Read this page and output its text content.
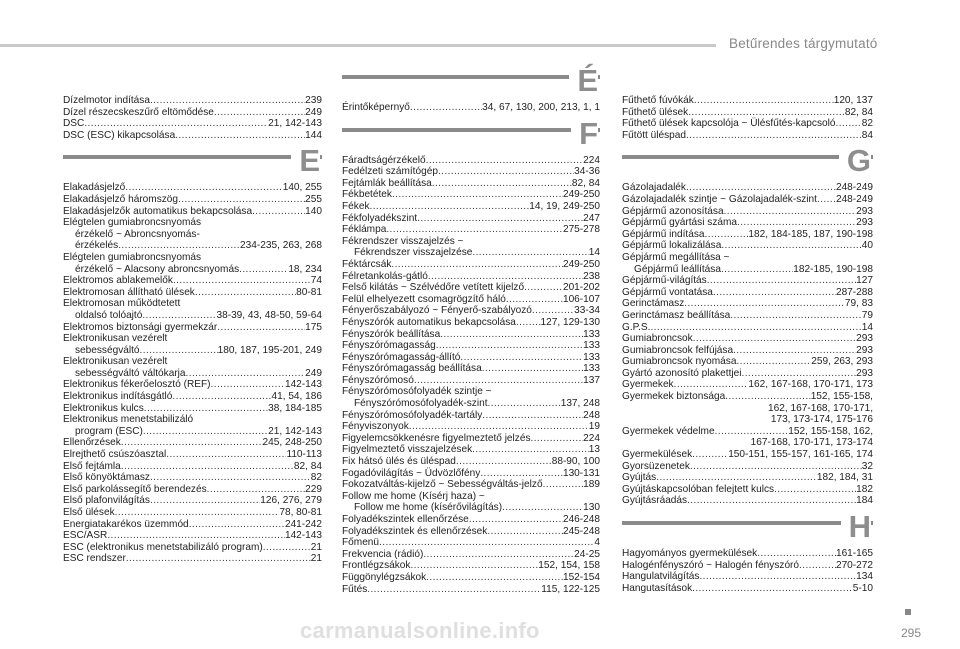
Betűrendes tárgymutató
Dízelmotor indítása .....	239
Dízel részecskeszűrő eltömődése .....	249
DSC .....	21, 142-143
DSC (ESC) kikapcsolása .....	144
E
Elakadásjelző .....	140, 255
Elakadásjelző háromszög .....	255
Elakadásjelzők automatikus bekapcsolása .....	140
Elégtelen gumiabroncsnyomás
érzékelő ~ Abroncsnyomás-
érzékelés .....	234-235, 263, 268
Elégtelen gumiabroncsnyomás
érzékelő ~ Alacsony abroncsnyomás .....	18, 234
Elektromos ablakemelők .....	74
Elektromosan állítható ülések .....	80-81
Elektromosan működtetett
oldalsó tolóajtó .....	38-39, 43, 48-50, 59-64
Elektromos biztonsági gyermekzár .....	175
Elektronikusan vezérelt
sebességváltó .....	180, 187, 195-201, 249
Elektronikusan vezérelt
sebességváltó váltókarja .....	249
Elektronikus fékerőelosztó (REF) .....	142-143
Elektronikus indításgátló .....	41, 54, 186
Elektronikus kulcs .....	38, 184-185
Elektronikus menetstabilizáló
program (ESC) .....	21, 142-143
Ellenőrzések .....	245, 248-250
Elrejthető csúszóasztal .....	110-113
Első fejtámla .....	82, 84
Első könyöktámasz .....	82
Első parkolássegítő berendezés .....	229
Első plafonvilágítás .....	126, 276, 279
Első ülések .....	78, 80-81
Energiatakarékos üzemmód .....	241-242
ESC/ASR .....	142-143
ESC (elektronikus menetstabilizáló program) .....	21
ESC rendszer .....	21
É
Érintőképernyő .....	34, 67, 130, 200, 213, 1, 1
F
Fáradtságérzékelő .....	224
Fedélzeti számítógép .....	34-36
Fejtámlák beállítása .....	82, 84
Fékbetétek .....	249-250
Fékek .....	14, 19, 249-250
Fékfolyadékszint .....	247
Féklámpa .....	275-278
Fékrendszer visszajelzés ~
Fékrendszer visszajelzése .....	14
Féktárcsák .....	249-250
Félretankolás-gátló .....	238
Felső kilátás ~ Szélvédőre vetített kijelző .....	201-202
Felül elhelyezett csomagrögzítő háló .....	106-107
Fényerőszabályozó ~ Fényerő-szabályozó .....	33-34
Fényszórók automatikus bekapcsolása ..... 127, 129-130
Fényszórók beállítása .....	133
Fényszórómagasság .....	133
Fényszórómagasság-állító .....	133
Fényszórómagasság beállítása .....	133
Fényszórómosó .....	137
Fényszórómosófolyadék szintje ~
Fényszórómosófolyadék-szint .....	137, 248
Fényszórómosófolyadék-tartály .....	248
Fényviszonyok .....	19
Figyelemcsökkenésre figyelmeztető jelzés .....	224
Figyelmeztető visszajelzések .....	13
Fix hátsó ülés és üléspad .....	88-90, 100
Fogadóvilágítás ~ Üdvözlőfény .....	130-131
Fokozatváltás-kijelző ~ Sebességváltás-jelző .....	189
Follow me home (Kísérj haza) ~
Follow me home (kísérővilágítás) .....	130
Folyadékszintek ellenőrzése .....	246-248
Folyadékszintek és ellenőrzések .....	245-248
Főmenü .....	4
Frekvencia (rádió) .....	24-25
Frontlégzsákok .....	152, 154, 158
Függönylégzsákok .....	152-154
Fűtés .....	115, 122-125
Fűthető fúvókák .....	120, 137
Fűthető ülések .....	82, 84
Fűthető ülések kapcsolója ~ Ülésfűtés-kapcsoló .....	82
Fűtött üléspad .....	84
G
Gázolajadalék .....	248-249
Gázolajadalék szintje ~ Gázolajadalék-szint ..... 248-249
Gépjármű azonosítása .....	293
Gépjármű gyártási száma .....	293
Gépjármű indítása .....	182, 184-185, 187, 190-198
Gépjármű lokalizálása .....	40
Gépjármű megállítása ~
Gépjármű leállítása .....	182-185, 190-198
Gépjármű-világítás .....	127
Gépjármű vontatása .....	287-288
Gerinctámasz .....	79, 83
Gerinctámasz beállítása .....	79
G.P.S. .....	14
Gumiabroncsok .....	293
Gumiabroncsok felfújása .....	293
Gumiabroncsok nyomása .....	259, 263, 293
Gyártó azonosító plakettjei .....	293
Gyermekek .....	162, 167-168, 170-171, 173
Gyermekek biztonsága .....	152, 155-158,
162, 167-168, 170-171,
173, 173-174, 175-176
Gyermekek védelme .....	152, 155-158, 162,
167-168, 170-171, 173-174
Gyermekülések .....	150-151, 155-157, 161-165, 174
Gyorsüzenetek .....	32
Gyújtás .....	182, 184, 31
Gyújtáskapcsolóban felejtett kulcs .....	182
Gyújtásráadás .....	184
H
Hagyományos gyermekülések .....	161-165
Halogénfényszóró ~ Halogén fényszóró .....	270-272
Hangulatvilágítás .....	134
Hangutasítások .....	5-10
carmanualsonline.info	295
